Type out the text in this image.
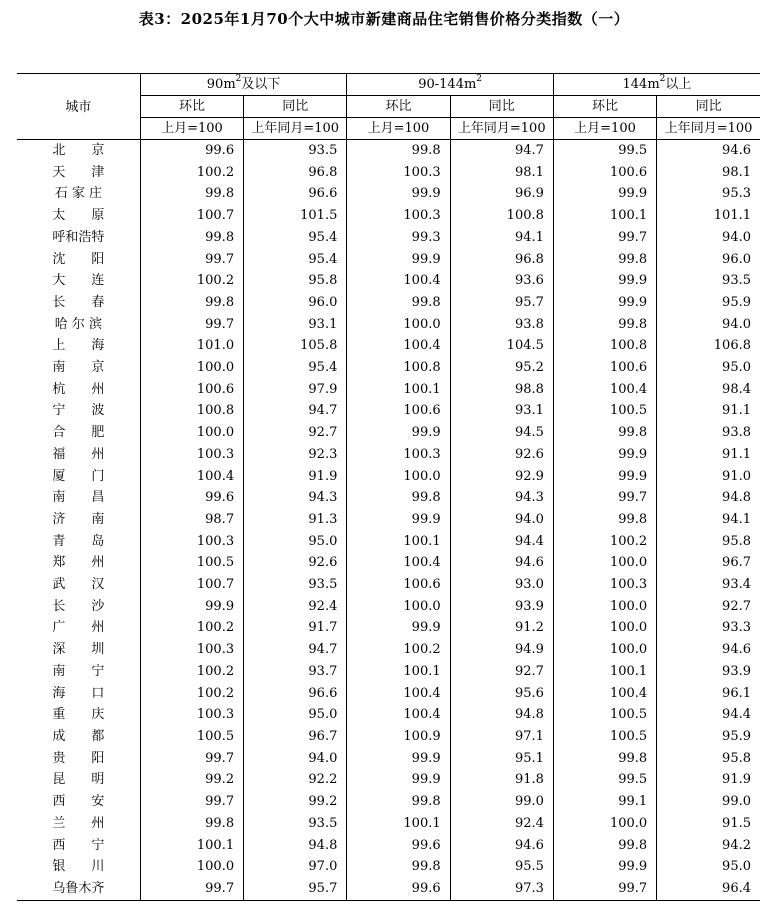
表3：2025年1月70个大中城市新建商品住宅销售价格分类指数（一）
城市	$90m^2$及以下		$90-144m^2$		$144m^2$以上	
	环比	同比	环比	同比	环比	同比
	上月=100	上年同月=100	上月=100	上年同月=100	上月=100	上年同月=100
北　　京	99.6	93.5	99.8	94.7	99.5	94.6
天　　津	100.2	96.8	100.3	98.1	100.6	98.1
石 家 庄	99.8	96.6	99.9	96.9	99.9	95.3
太　　原	100.7	101.5	100.3	100.8	100.1	101.1
呼和浩特	99.8	95.4	99.3	94.1	99.7	94.0
沈　　阳	99.7	95.4	99.9	96.8	99.8	96.0
大　　连	100.2	95.8	100.4	93.6	99.9	93.5
长　　春	99.8	96.0	99.8	95.7	99.9	95.9
哈 尔 滨	99.7	93.1	100.0	93.8	99.8	94.0
上　　海	101.0	105.8	100.4	104.5	100.8	106.8
南　　京	100.0	95.4	100.8	95.2	100.6	95.0
杭　　州	100.6	97.9	100.1	98.8	100.4	98.4
宁　　波	100.8	94.7	100.6	93.1	100.5	91.1
合　　肥	100.0	92.7	99.9	94.5	99.8	93.8
福　　州	100.3	92.3	100.3	92.6	99.9	91.1
厦　　门	100.4	91.9	100.0	92.9	99.9	91.0
南　　昌	99.6	94.3	99.8	94.3	99.7	94.8
济　　南	98.7	91.3	99.9	94.0	99.8	94.1
青　　岛	100.3	95.0	100.1	94.4	100.2	95.8
郑　　州	100.5	92.6	100.4	94.6	100.0	96.7
武　　汉	100.7	93.5	100.6	93.0	100.3	93.4
长　　沙	99.9	92.4	100.0	93.9	100.0	92.7
广　　州	100.2	91.7	99.9	91.2	100.0	93.3
深　　圳	100.3	94.7	100.2	94.9	100.0	94.6
南　　宁	100.2	93.7	100.1	92.7	100.1	93.9
海　　口	100.2	96.6	100.4	95.6	100.4	96.1
重　　庆	100.3	95.0	100.4	94.8	100.5	94.4
成　　都	100.5	96.7	100.9	97.1	100.5	95.9
贵　　阳	99.7	94.0	99.9	95.1	99.8	95.8
昆　　明	99.2	92.2	99.9	91.8	99.5	91.9
西　　安	99.7	99.2	99.8	99.0	99.1	99.0
兰　　州	99.8	93.5	100.1	92.4	100.0	91.5
西　　宁	100.1	94.8	99.6	94.6	99.8	94.2
银　　川	100.0	97.0	99.8	95.5	99.9	95.0
乌鲁木齐	99.7	95.7	99.6	97.3	99.7	96.4
